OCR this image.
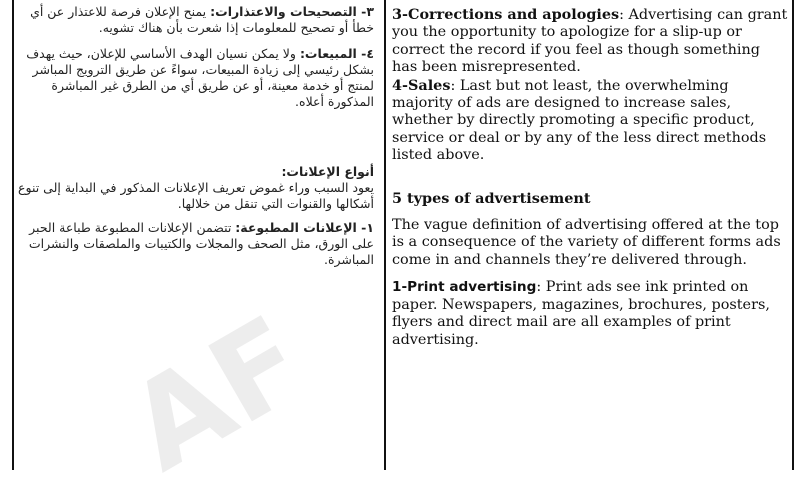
٣- التصحيحات والاعتذارات: يمنح الإعلان فرصة للاعتذار عن أي خطأ أو تصحيح للمعلومات إذا شعرت بأن هناك تشويه.

٤- المبيعات: ولا يمكن نسيان الهدف الأساسي للإعلان، حيث يهدف بشكل رئيسي إلى زيادة المبيعات، سواءً عن طريق الترويج المباشر لمنتج أو خدمة معينة، أو عن طريق أي من الطرق غير المباشرة المذكورة أعلاه.

أنواع الإعلانات:

يعود السبب وراء غموض تعريف الإعلانات المذكور في البداية إلى تنوع أشكالها والقنوات التي تنقل من خلالها.

١- الإعلانات المطبوعة: تتضمن الإعلانات المطبوعة طباعة الحبر على الورق، مثل الصحف والمجلات والكتيبات والملصقات والنشرات المباشرة.

3-Corrections and apologies: Advertising can grant you the opportunity to apologize for a slip-up or correct the record if you feel as though something has been misrepresented.

4-Sales: Last but not least, the overwhelming majority of ads are designed to increase sales, whether by directly promoting a specific product, service or deal or by any of the less direct methods listed above.

5 types of advertisement

The vague definition of advertising offered at the top is a consequence of the variety of different forms ads come in and channels they’re delivered through.

1-Print advertising: Print ads see ink printed on paper. Newspapers, magazines, brochures, posters, flyers and direct mail are all examples of print advertising.

AF
